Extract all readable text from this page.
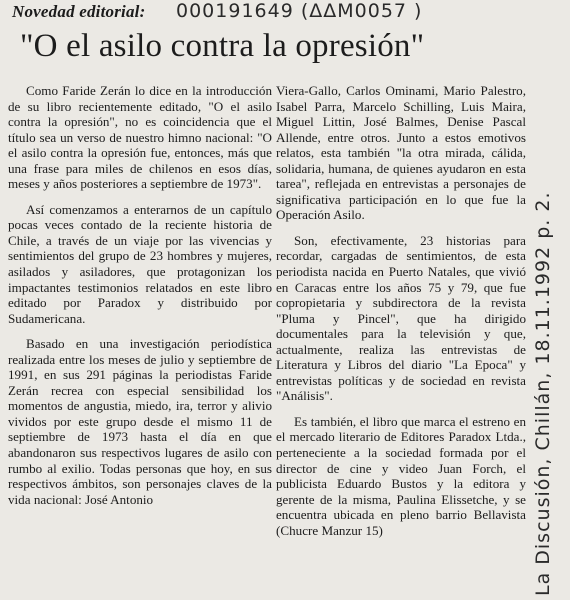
Novedad editorial: 000191649 (ΔΔM0057 )
"O el asilo contra la opresión"

Como Faride Zerán lo dice en la introducción de su libro recientemente editado, "O el asilo contra la opresión", no es coincidencia que el título sea un verso de nuestro himno nacional: "O el asilo contra la opresión fue, entonces, más que una frase para miles de chilenos en esos días, meses y años posteriores a septiembre de 1973".

Así comenzamos a enterarnos de un capítulo pocas veces contado de la reciente historia de Chile, a través de un viaje por las vivencias y sentimientos del grupo de 23 hombres y mujeres, asilados y asiladores, que protagonizan los impactantes testimonios relatados en este libro editado por Paradox y distribuido por Sudamericana.

Basado en una investigación periodística realizada entre los meses de julio y septiembre de 1991, en sus 291 páginas la periodistas Faride Zerán recrea con especial sensibilidad los momentos de angustia, miedo, ira, terror y alivio vividos por este grupo desde el mismo 11 de septiembre de 1973 hasta el día en que abandonaron sus respectivos lugares de asilo con rumbo al exilio. Todas personas que hoy, en sus respectivos ámbitos, son personajes claves de la vida nacional: José Antonio

Viera-Gallo, Carlos Ominami, Mario Palestro, Isabel Parra, Marcelo Schilling, Luis Maira, Miguel Littin, José Balmes, Denise Pascal Allende, entre otros. Junto a estos emotivos relatos, esta también "la otra mirada, cálida, solidaria, humana, de quienes ayudaron en esta tarea", reflejada en entrevistas a personajes de significativa participación en lo que fue la Operación Asilo.

Son, efectivamente, 23 historias para recordar, cargadas de sentimientos, de esta periodista nacida en Puerto Natales, que vivió en Caracas entre los años 75 y 79, que fue copropietaria y subdirectora de la revista "Pluma y Pincel", que ha dirigido documentales para la televisión y que, actualmente, realiza las entrevistas de Literatura y Libros del diario "La Epoca" y entrevistas políticas y de sociedad en revista "Análisis".

Es también, el libro que marca el estreno en el mercado literario de Editores Paradox Ltda., perteneciente a la sociedad formada por el director de cine y video Juan Forch, el publicista Eduardo Bustos y la editora y gerente de la misma, Paulina Elissetche, y se encuentra ubicada en pleno barrio Bellavista (Chucre Manzur 15)	La Discusión, Chillán, 18.11.1992 p. 2.
